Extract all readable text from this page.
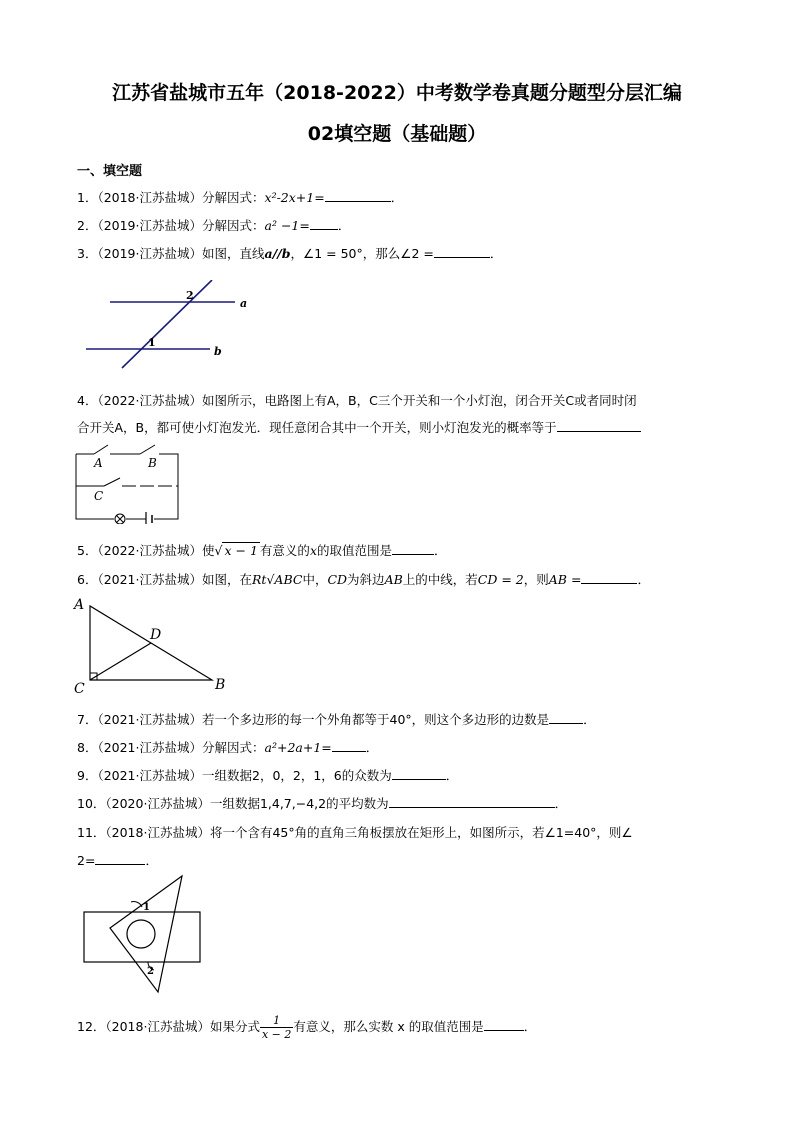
江苏省盐城市五年（2018-2022）中考数学卷真题分题型分层汇编
02填空题（基础题）
一、填空题
1．（2018·江苏盐城）分解因式：x²-2x+1=	．
2．（2019·江苏盐城）分解因式：a² −1= ．
3．（2019·江苏盐城）如图，直线a//b，∠1 = 50°，那么∠2 =	．
a
b
1
2
4．（2022·江苏盐城）如图所示，电路图上有A，B，C三个开关和一个小灯泡，闭合开关C或者同时闭
合开关A，B，都可使小灯泡发光．现任意闭合其中一个开关，则小灯泡发光的概率等于
A	B
C
5．（2022·江苏盐城）使√ x − 1 有意义的x的取值范围是	．
6．（2021·江苏盐城）如图，在Rt√ABC中，CD为斜边AB上的中线，若CD = 2，则AB =	．
A
C	B
D
7．（2021·江苏盐城）若一个多边形的每一个外角都等于40°，则这个多边形的边数是	．
8．（2021·江苏盐城）分解因式：a²+2a+1=	．
9．（2021·江苏盐城）一组数据2，0，2，1，6的众数为	．
10．（2020·江苏盐城）一组数据1,4,7,−4,2的平均数为	．
11．（2018·江苏盐城）将一个含有45°角的直角三角板摆放在矩形上，如图所示，若∠1=40°，则∠
2=	．
1
2
12．（2018·江苏盐城）如果分式 $\frac{1}{x - 2}$ 有意义，那么实数 x 的取值范围是	．
